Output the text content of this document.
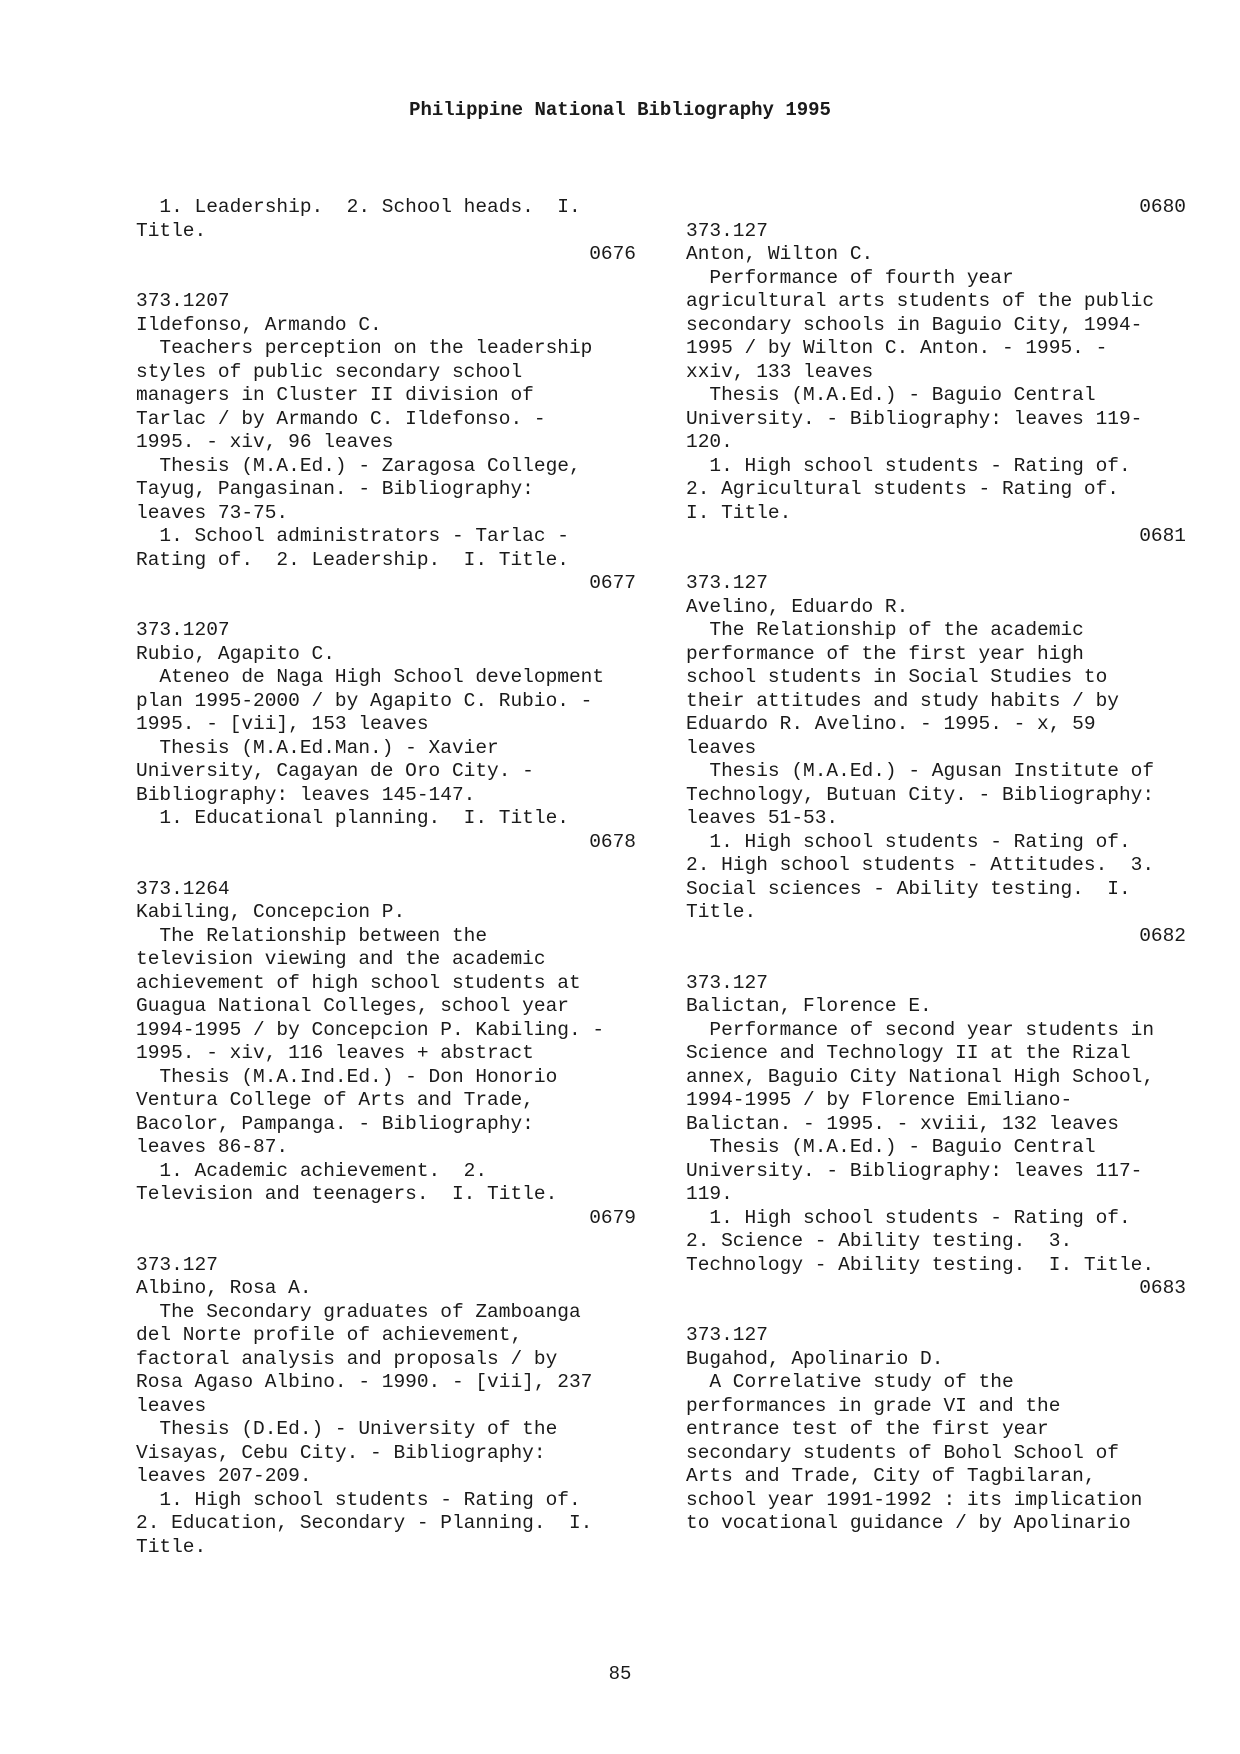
Philippine National Bibliography 1995
1. Leadership.  2. School heads.  I.
Title.
0676
373.1207
Ildefonso, Armando C.
Teachers perception on the leadership
styles of public secondary school
managers in Cluster II division of
Tarlac / by Armando C. Ildefonso. -
1995. - xiv, 96 leaves
Thesis (M.A.Ed.) - Zaragosa College,
Tayug, Pangasinan. - Bibliography:
leaves 73-75.
1. School administrators - Tarlac -
Rating of.  2. Leadership.  I. Title.
0677
373.1207
Rubio, Agapito C.
Ateneo de Naga High School development
plan 1995-2000 / by Agapito C. Rubio. -
1995. - [vii], 153 leaves
Thesis (M.A.Ed.Man.) - Xavier
University, Cagayan de Oro City. -
Bibliography: leaves 145-147.
1. Educational planning.  I. Title.
0678
373.1264
Kabiling, Concepcion P.
The Relationship between the
television viewing and the academic
achievement of high school students at
Guagua National Colleges, school year
1994-1995 / by Concepcion P. Kabiling. -
1995. - xiv, 116 leaves + abstract
Thesis (M.A.Ind.Ed.) - Don Honorio
Ventura College of Arts and Trade,
Bacolor, Pampanga. - Bibliography:
leaves 86-87.
1. Academic achievement.  2.
Television and teenagers.  I. Title.
0679
373.127
Albino, Rosa A.
The Secondary graduates of Zamboanga
del Norte profile of achievement,
factoral analysis and proposals / by
Rosa Agaso Albino. - 1990. - [vii], 237
leaves
Thesis (D.Ed.) - University of the
Visayas, Cebu City. - Bibliography:
leaves 207-209.
1. High school students - Rating of.
2. Education, Secondary - Planning.  I.
Title.
0680
373.127
Anton, Wilton C.
Performance of fourth year
agricultural arts students of the public
secondary schools in Baguio City, 1994-
1995 / by Wilton C. Anton. - 1995. -
xxiv, 133 leaves
Thesis (M.A.Ed.) - Baguio Central
University. - Bibliography: leaves 119-
120.
1. High school students - Rating of.
2. Agricultural students - Rating of.
I. Title.
0681
373.127
Avelino, Eduardo R.
The Relationship of the academic
performance of the first year high
school students in Social Studies to
their attitudes and study habits / by
Eduardo R. Avelino. - 1995. - x, 59
leaves
Thesis (M.A.Ed.) - Agusan Institute of
Technology, Butuan City. - Bibliography:
leaves 51-53.
1. High school students - Rating of.
2. High school students - Attitudes.  3.
Social sciences - Ability testing.  I.
Title.
0682
373.127
Balictan, Florence E.
Performance of second year students in
Science and Technology II at the Rizal
annex, Baguio City National High School,
1994-1995 / by Florence Emiliano-
Balictan. - 1995. - xviii, 132 leaves
Thesis (M.A.Ed.) - Baguio Central
University. - Bibliography: leaves 117-
119.
1. High school students - Rating of.
2. Science - Ability testing.  3.
Technology - Ability testing.  I. Title.
0683
373.127
Bugahod, Apolinario D.
A Correlative study of the
performances in grade VI and the
entrance test of the first year
secondary students of Bohol School of
Arts and Trade, City of Tagbilaran,
school year 1991-1992 : its implication
to vocational guidance / by Apolinario
85
